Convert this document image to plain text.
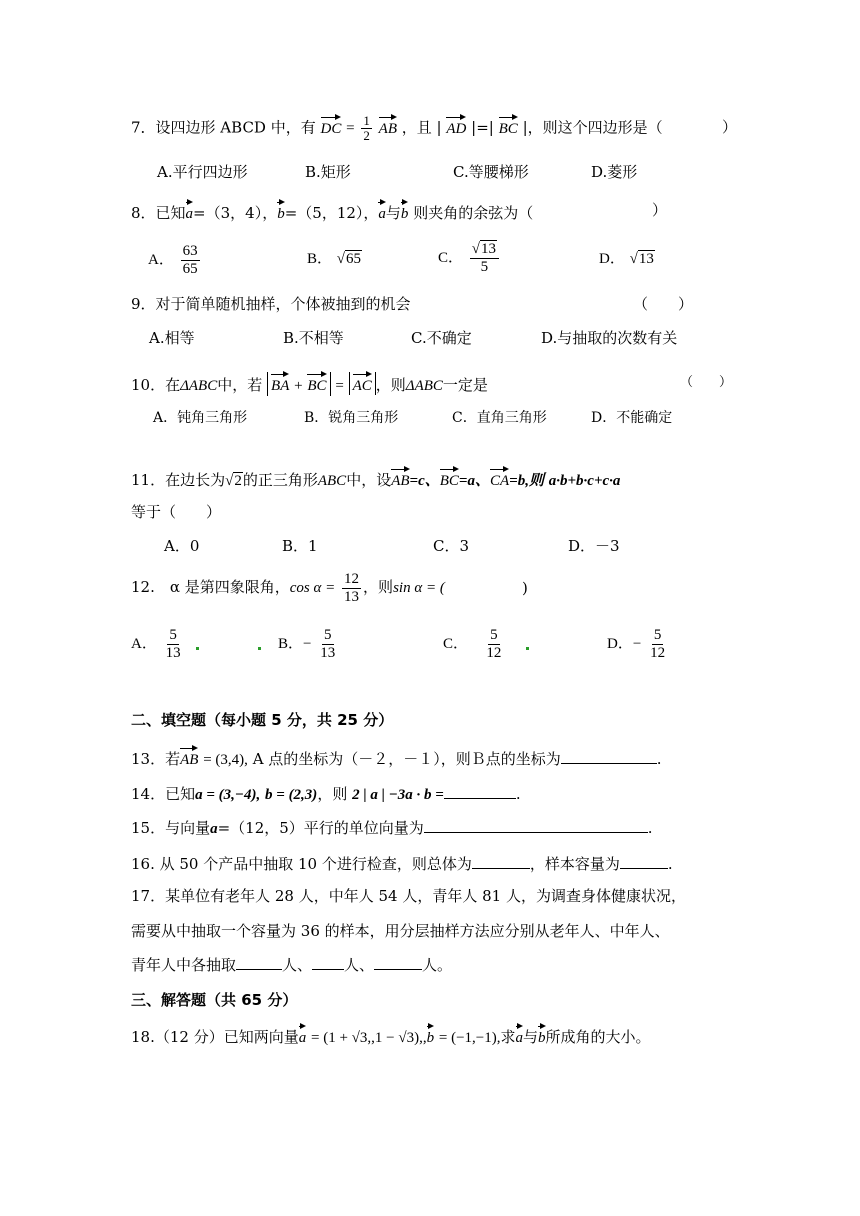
7．设四边形 ABCD 中，有 DC = $\frac{1}{2}$ AB ，且 | AD |=| BC |，则这个四边形是（	）
A.平行四边形	B.矩形	C.等腰梯形	D.菱形
8．已知a=（3，4），b=（5，12），a与b 则夹角的余弦为（	）
A． $\frac{63}{65}$	B． √65	C． $\frac{√13}{5}$	D． √13
9．对于简单随机抽样，个体被抽到的机会	（　　）
A.相等	B.不相等	C.不确定	D.与抽取的次数有关
10．在ΔABC中，若 BA + BC = AC ，则ΔABC一定是	（　　）
A．钝角三角形	B．锐角三角形	C．直角三角形	D．不能确定
11．在边长为√2的正三角形ABC中，设AB=c、BC=a、CA=b,则 a·b+b·c+c·a
等于（　　）
A．0	B．1	C．3	D．－3
12.　α 是第四象限角，$\cos \alpha = \frac{12}{13}$ ，则sin α = (	)
A． $\frac{5}{13}$	B．− $\frac{5}{13}$	C． $\frac{5}{12}$	D．− $\frac{5}{12}$
二、填空题（每小题 5 分，共 25 分）
13．若AB = (3,4), A 点的坐标为（－２，－１），则Ｂ点的坐标为	.
14．已知a = (3,−4), b = (2,3)，则 2 | a | −3a · b =	.
15．与向量a=（12，5）平行的单位向量为	.
16. 从 50 个产品中抽取 10 个进行检查，则总体为	，样本容量为	.
17．某单位有老年人 28 人，中年人 54 人，青年人 81 人，为调查身体健康状况，
需要从中抽取一个容量为 36 的样本，用分层抽样方法应分别从老年人、中年人、
青年人中各抽取	人、 人、	人。
三、解答题（共 65 分）
18.（12 分）已知两向量a = (1 + √3,,1 − √3),,b = (−1,−1),求a与b所成角的大小。
